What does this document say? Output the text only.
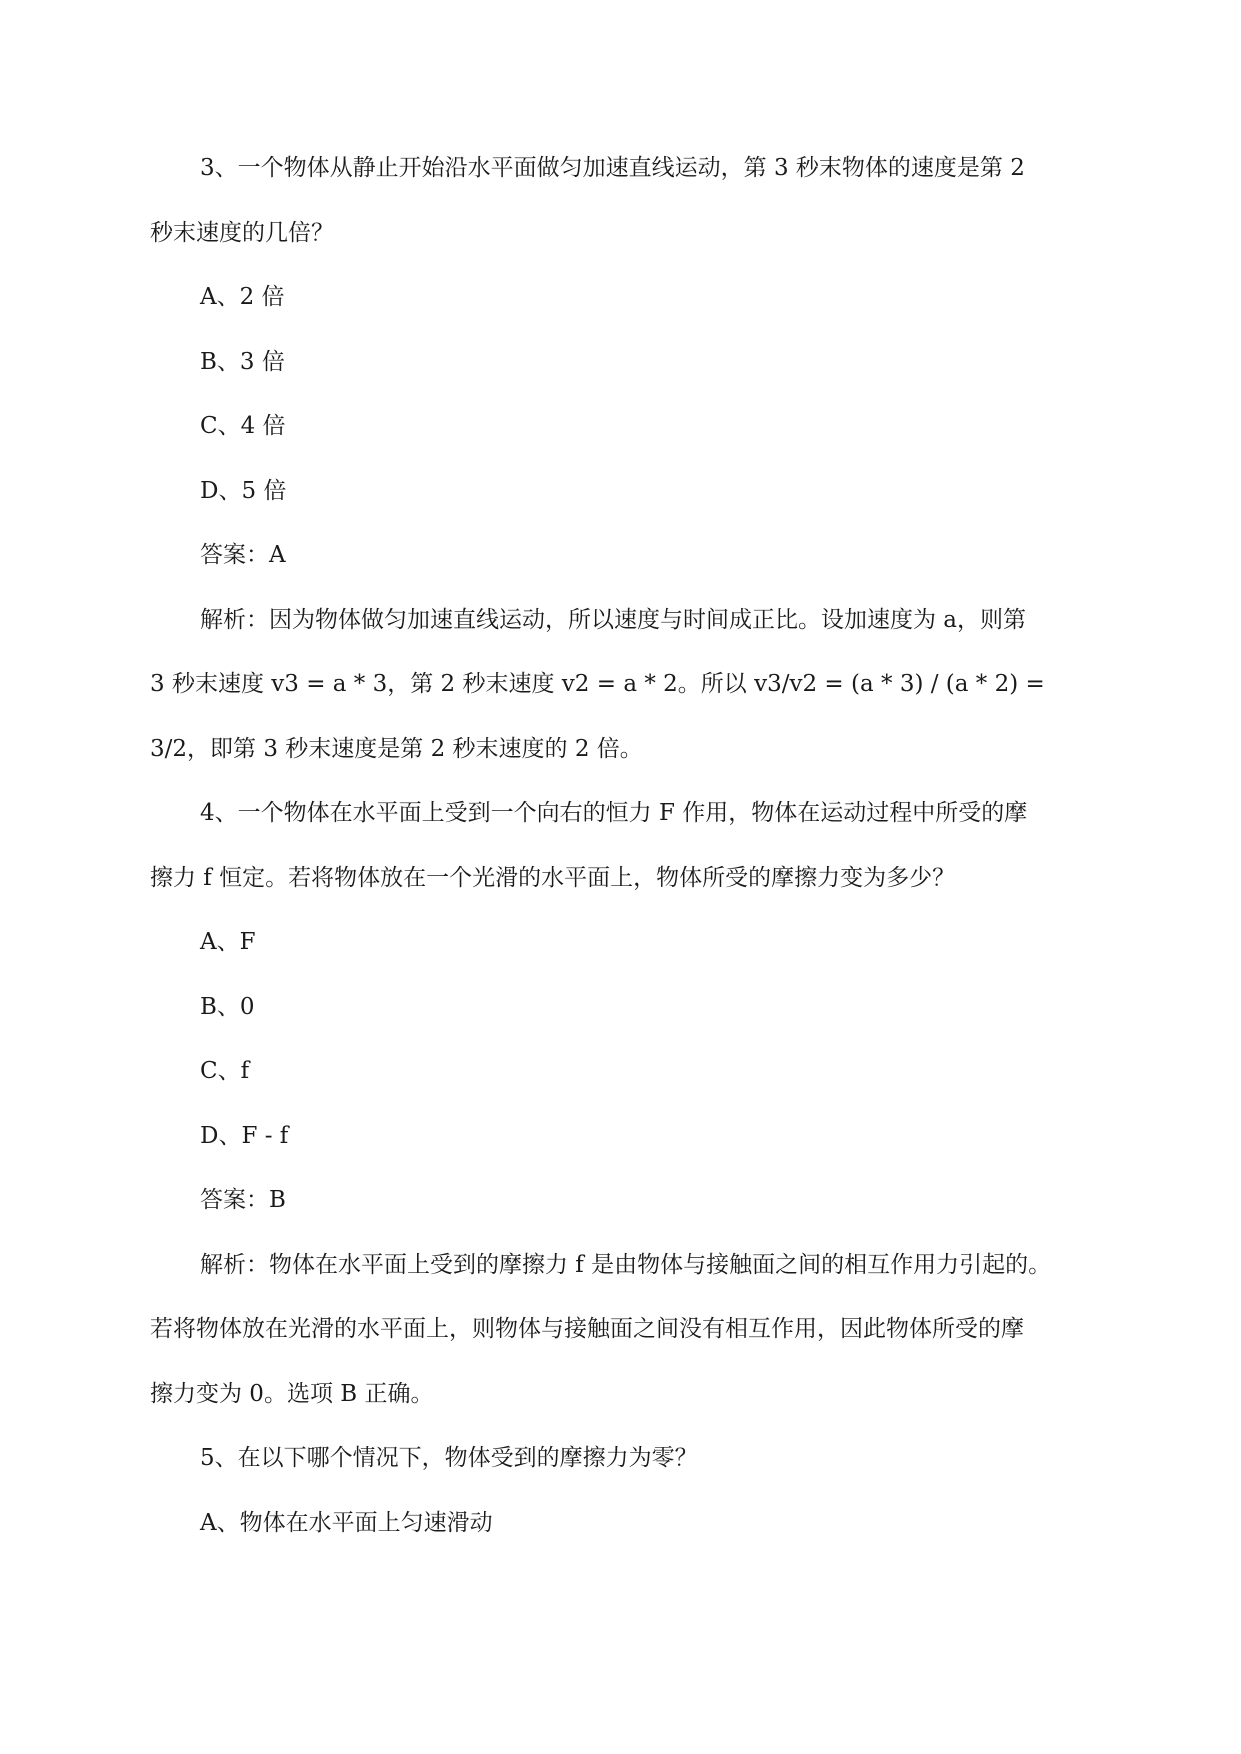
3、一个物体从静止开始沿水平面做匀加速直线运动，第 3 秒末物体的速度是第 2
秒末速度的几倍？
A、2 倍
B、3 倍
C、4 倍
D、5 倍
答案：A
解析：因为物体做匀加速直线运动，所以速度与时间成正比。设加速度为 a，则第
3 秒末速度 v3 = a * 3，第 2 秒末速度 v2 = a * 2。所以 v3/v2 = (a * 3) / (a * 2) =
3/2，即第 3 秒末速度是第 2 秒末速度的 2 倍。
4、一个物体在水平面上受到一个向右的恒力 F 作用，物体在运动过程中所受的摩
擦力 f 恒定。若将物体放在一个光滑的水平面上，物体所受的摩擦力变为多少？
A、F
B、0
C、f
D、F - f
答案：B
解析：物体在水平面上受到的摩擦力 f 是由物体与接触面之间的相互作用力引起的。
若将物体放在光滑的水平面上，则物体与接触面之间没有相互作用，因此物体所受的摩
擦力变为 0。选项 B 正确。
5、在以下哪个情况下，物体受到的摩擦力为零？
A、物体在水平面上匀速滑动
